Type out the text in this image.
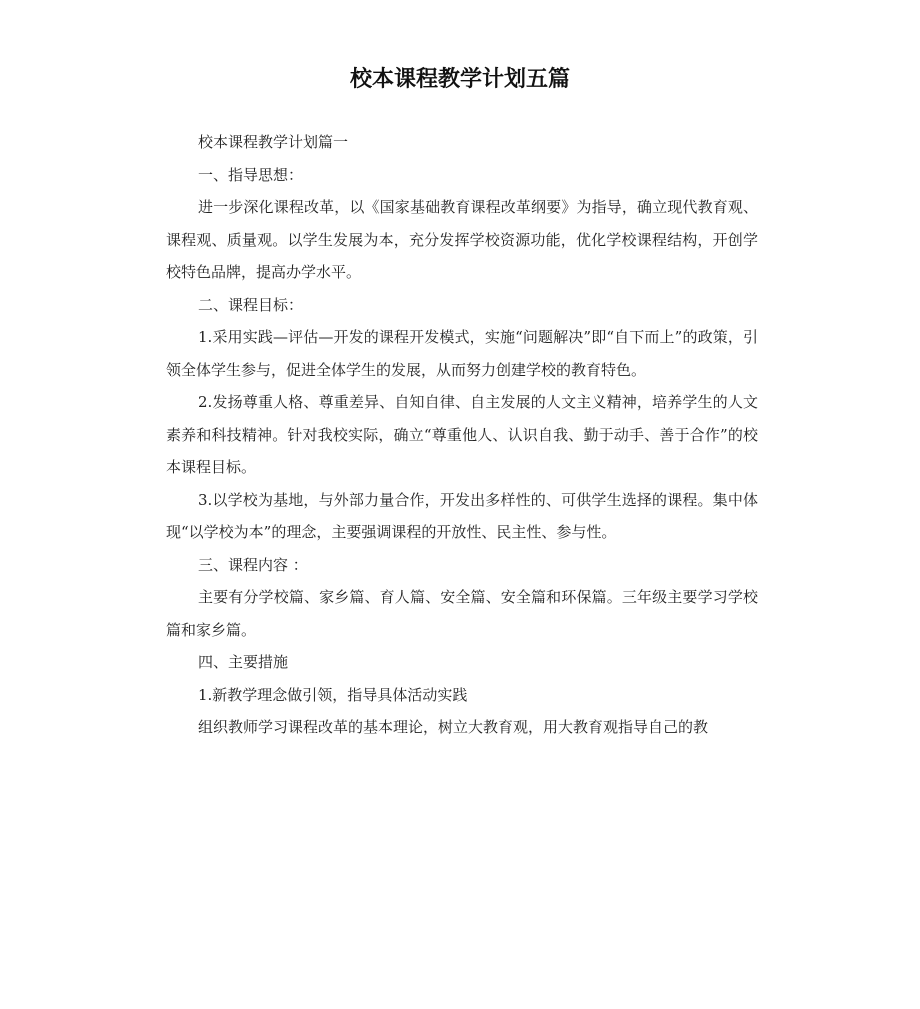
校本课程教学计划五篇

校本课程教学计划篇一

一、指导思想：

进一步深化课程改革，以《国家基础教育课程改革纲要》为指导，确立现代教育观、课程观、质量观。以学生发展为本，充分发挥学校资源功能，优化学校课程结构，开创学校特色品牌，提高办学水平。

二、课程目标：

1.采用实践—评估—开发的课程开发模式，实施“问题解决”即“自下而上”的政策，引领全体学生参与，促进全体学生的发展，从而努力创建学校的教育特色。

2.发扬尊重人格、尊重差异、自知自律、自主发展的人文主义精神，培养学生的人文素养和科技精神。针对我校实际，确立“尊重他人、认识自我、勤于动手、善于合作”的校本课程目标。

3.以学校为基地，与外部力量合作，开发出多样性的、可供学生选择的课程。集中体现“以学校为本”的理念，主要强调课程的开放性、民主性、参与性。

三、课程内容 ：

主要有分学校篇、家乡篇、育人篇、安全篇、安全篇和环保篇。三年级主要学习学校篇和家乡篇。

四、主要措施

1.新教学理念做引领，指导具体活动实践

组织教师学习课程改革的基本理论，树立大教育观，用大教育观指导自己的教
